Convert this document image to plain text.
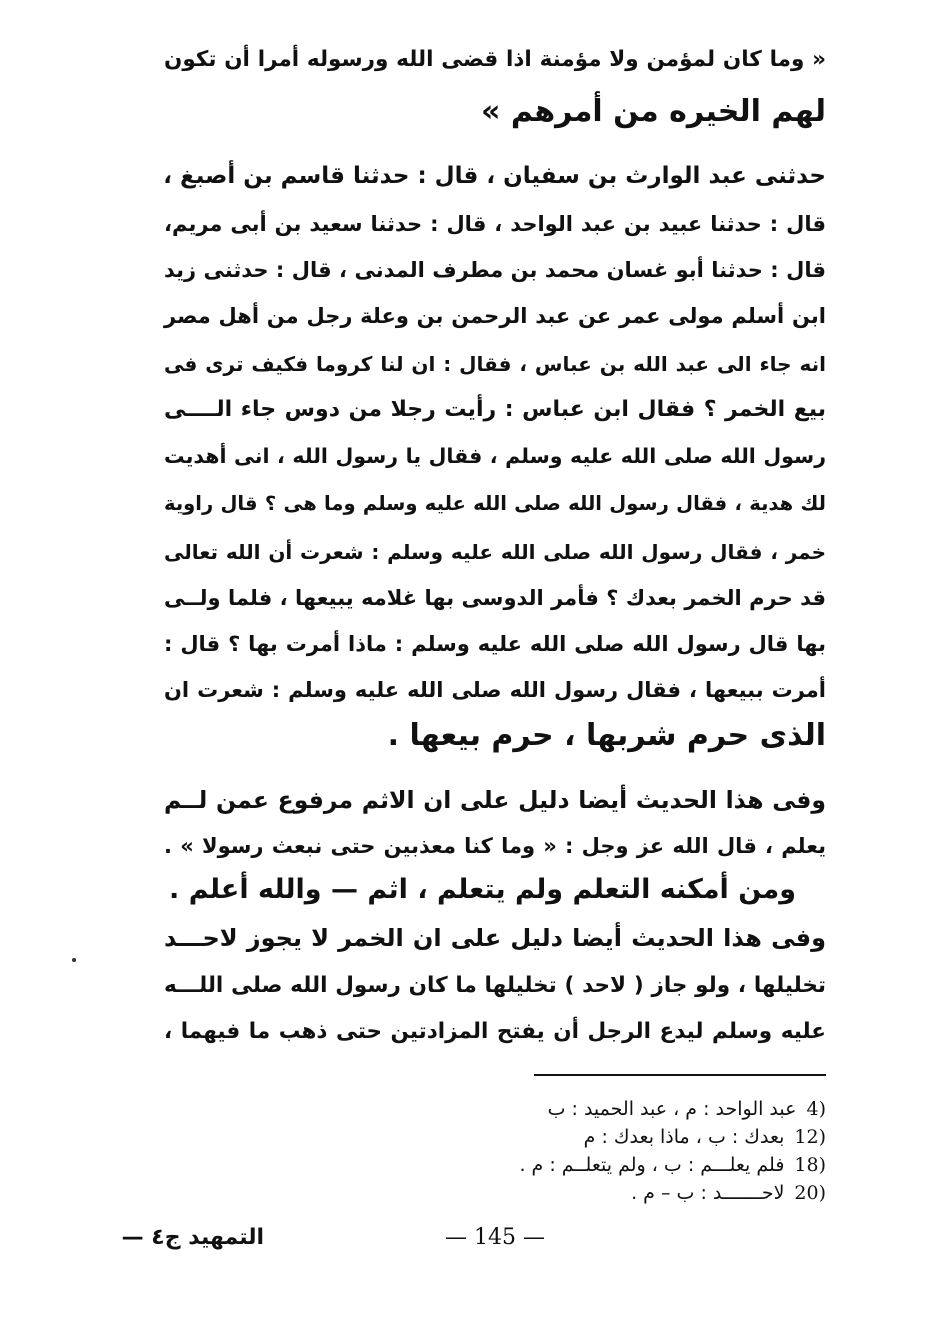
« وما كان لمؤمن ولا مؤمنة اذا قضى الله ورسوله أمرا أن تكون
لهم الخيره من أمرهم »
حدثنى عبد الوارث بن سفيان ، قال : حدثنا قاسم بن أصبغ ،
قال : حدثنا عبيد بن عبد الواحد ، قال : حدثنا سعيد بن أبى مريم،
قال : حدثنا أبو غسان محمد بن مطرف المدنى ، قال : حدثنى زيد
ابن أسلم مولى عمر عن عبد الرحمن بن وعلة رجل من أهل مصر
انه جاء الى عبد الله بن عباس ، فقال : ان لنا كروما فكيف ترى فى
بيع الخمر ؟ فقال ابن عباس : رأيت رجلا من دوس جاء الــــى
رسول الله صلى الله عليه وسلم ، فقال يا رسول الله ، انى أهديت
لك هدية ، فقال رسول الله صلى الله عليه وسلم وما هى ؟ قال راوية
خمر ، فقال رسول الله صلى الله عليه وسلم : شعرت أن الله تعالى
قد حرم الخمر بعدك ؟ فأمر الدوسى بها غلامه يبيعها ، فلما ولــى
بها قال رسول الله صلى الله عليه وسلم : ماذا أمرت بها ؟ قال :
أمرت ببيعها ، فقال رسول الله صلى الله عليه وسلم : شعرت ان
الذى حرم شربها ، حرم بيعها .
وفى هذا الحديث أيضا دليل على ان الاثم مرفوع عمن لــم
يعلم ، قال الله عز وجل : « وما كنا معذبين حتى نبعث رسولا » .
ومن أمكنه التعلم ولم يتعلم ، اثم — والله أعلم .
وفى هذا الحديث أيضا دليل على ان الخمر لا يجوز لاحـــد
تخليلها ، ولو جاز ( لاحد ) تخليلها ما كان رسول الله صلى اللـــه
عليه وسلم ليدع الرجل أن يفتح المزادتين حتى ذهب ما فيهما ،
4)عبد الواحد : م ، عبد الحميد : ب
12)بعدك : ب ، ماذا بعدك : م
18)فلم يعلـــم : ب ، ولم يتعلــم : م .
20)لاحـــــــد : ب – م .
— 145 —
التمهيد ج٤ —
